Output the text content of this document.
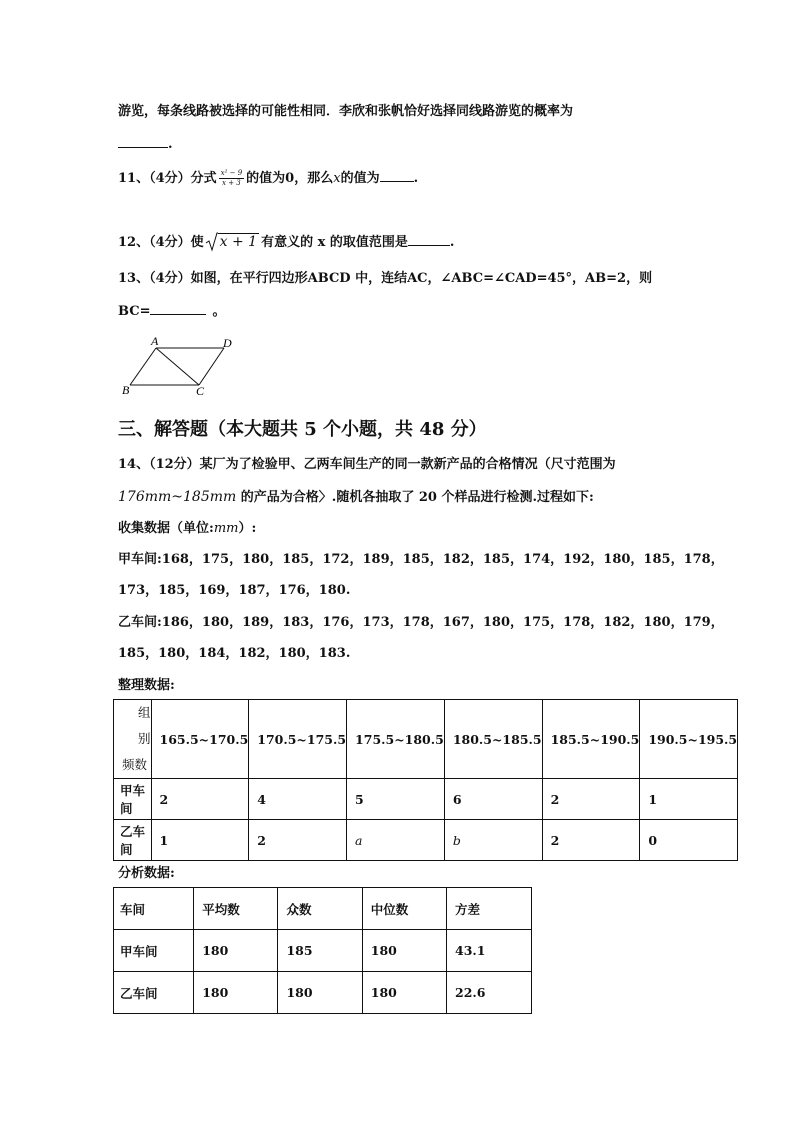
游览，每条线路被选择的可能性相同．李欣和张帆恰好选择同线路游览的概率为
.
11、（4分）分式 $\frac{\text{x² − 9}}{x + 3}$ 的值为0，那么x的值为	.
12、（4分）使 x + 1 有意义的 x 的取值范围是	.
13、（4分）如图，在平行四边形ABCD 中，连结AC，∠ABC=∠CAD=45°，AB=2，则
BC=	。
A	D
B	C
三、解答题（本大题共 5 个小题，共 48 分）
14、（12分）某厂为了检验甲、乙两车间生产的同一款新产品的合格情况（尺寸范围为
176mm~185mm 的产品为合格〉.随机各抽取了 20 个样品进行检测.过程如下:
收集数据（单位:mm）:
甲车间:168，175，180，185，172，189，185，182，185，174，192，180，185，178，
173，185，169，187，176，180.
乙车间:186，180，189，183，176，173，178，167，180，175，178，182，180，179，
185，180，184，182，180，183.
整理数据:
组别
频数	165.5~170.5	170.5~175.5	175.5~180.5	180.5~185.5	185.5~190.5	190.5~195.5
甲车间	2	4	5	6	2	1
乙车间	1	2	a	b	2	0
分析数据:
车间	平均数	众数	中位数	方差
甲车间	180	185	180	43.1
乙车间	180	180	180	22.6
